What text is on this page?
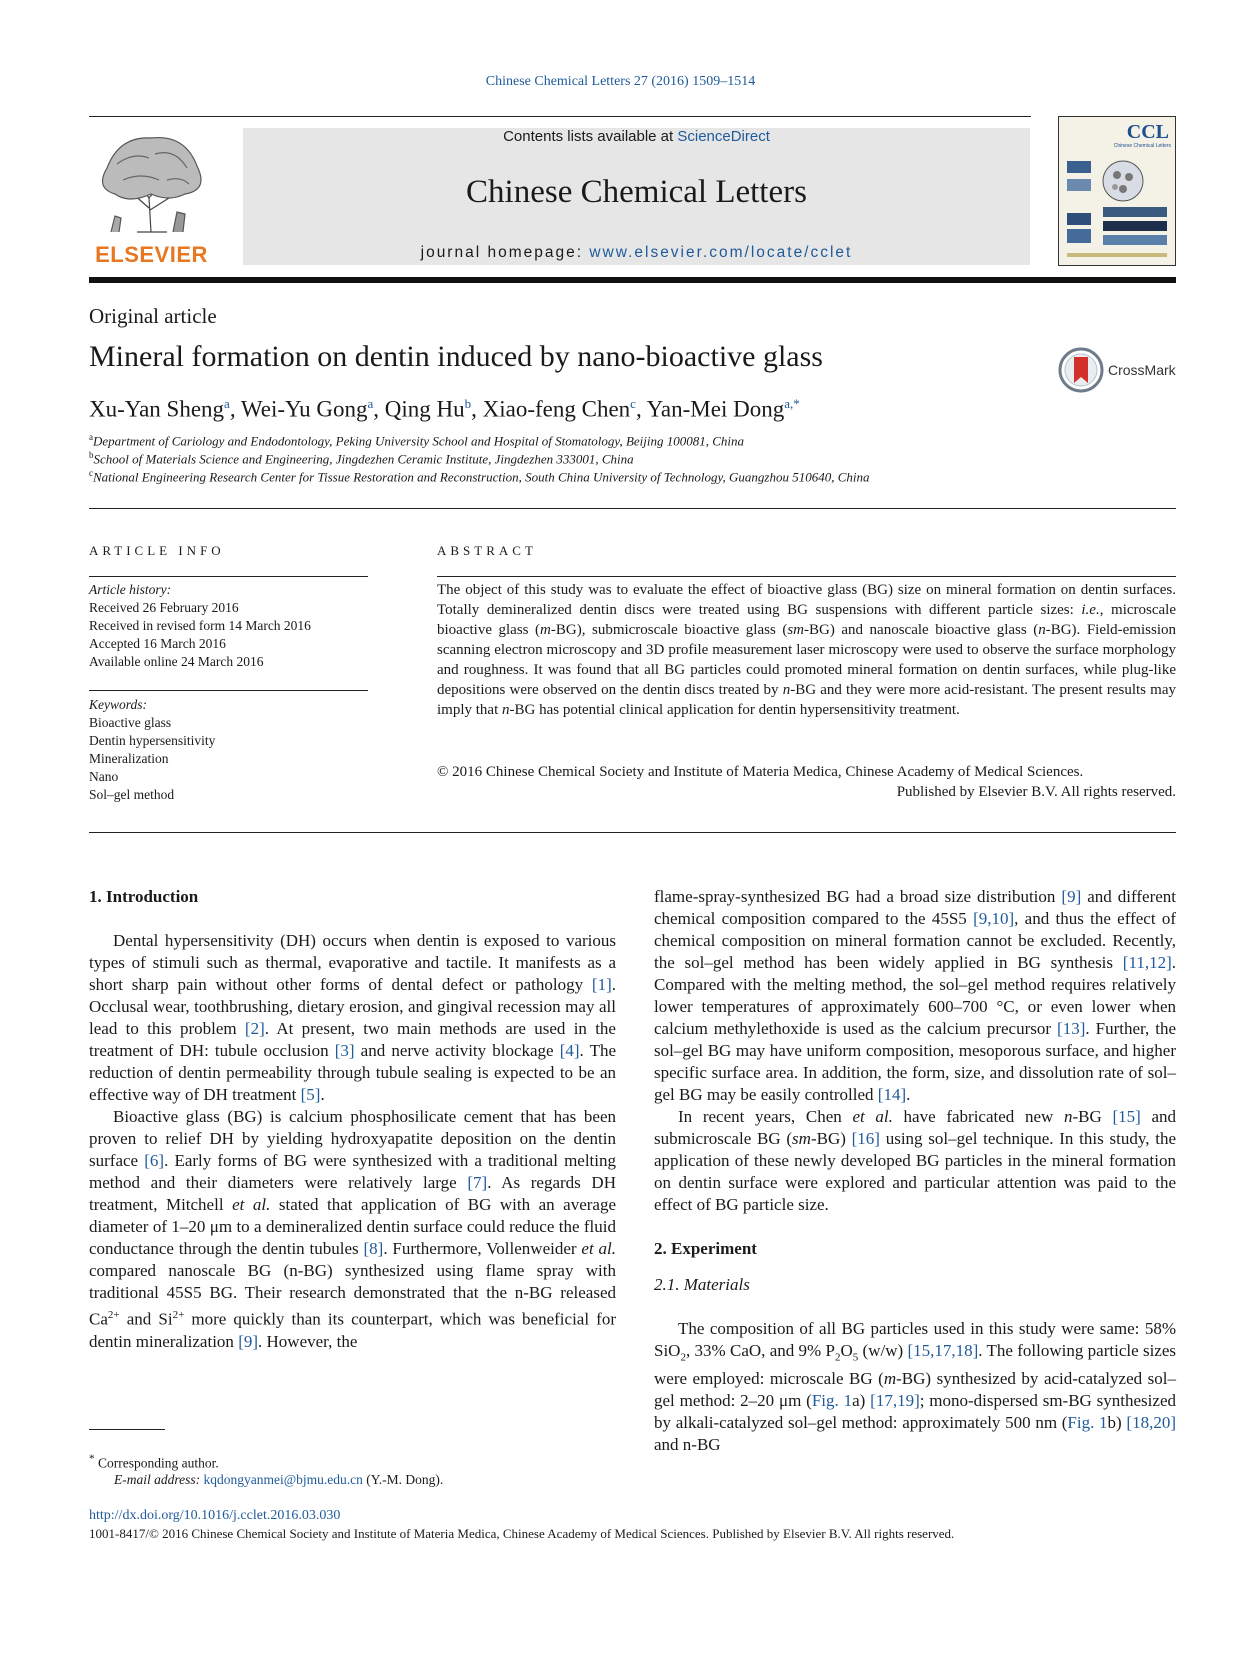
Chinese Chemical Letters 27 (2016) 1509–1514
ELSEVIER
Contents lists available at ScienceDirect
Chinese Chemical Letters
journal homepage: www.elsevier.com/locate/cclet
CCL
Chinese Chemical Letters
Original article
Mineral formation on dentin induced by nano-bioactive glass	CrossMark
Xu-Yan Sheng$^a$, Wei-Yu Gong$^a$, Qing Hu$^b$, Xiao-feng Chen$^c$, Yan-Mei Dong$^{a,*}$
$^a$Department of Cariology and Endodontology, Peking University School and Hospital of Stomatology, Beijing 100081, China
$^b$School of Materials Science and Engineering, Jingdezhen Ceramic Institute, Jingdezhen 333001, China
$^c$National Engineering Research Center for Tissue Restoration and Reconstruction, South China University of Technology, Guangzhou 510640, China
ARTICLE INFO
Article history:
Received 26 February 2016
Received in revised form 14 March 2016
Accepted 16 March 2016
Available online 24 March 2016
Keywords:
Bioactive glass
Dentin hypersensitivity
Mineralization
Nano
Sol–gel method
ABSTRACT
The object of this study was to evaluate the effect of bioactive glass (BG) size on mineral formation on dentin surfaces. Totally demineralized dentin discs were treated using BG suspensions with different particle sizes: i.e., microscale bioactive glass (m-BG), submicroscale bioactive glass (sm-BG) and nanoscale bioactive glass (n-BG). Field-emission scanning electron microscopy and 3D profile measurement laser microscopy were used to observe the surface morphology and roughness. It was found that all BG particles could promoted mineral formation on dentin surfaces, while plug-like depositions were observed on the dentin discs treated by n-BG and they were more acid-resistant. The present results may imply that n-BG has potential clinical application for dentin hypersensitivity treatment.
© 2016 Chinese Chemical Society and Institute of Materia Medica, Chinese Academy of Medical Sciences.
Published by Elsevier B.V. All rights reserved.
1. Introduction

Dental hypersensitivity (DH) occurs when dentin is exposed to various types of stimuli such as thermal, evaporative and tactile. It manifests as a short sharp pain without other forms of dental defect or pathology [1]. Occlusal wear, toothbrushing, dietary erosion, and gingival recession may all lead to this problem [2]. At present, two main methods are used in the treatment of DH: tubule occlusion [3] and nerve activity blockage [4]. The reduction of dentin permeability through tubule sealing is expected to be an effective way of DH treatment [5].

Bioactive glass (BG) is calcium phosphosilicate cement that has been proven to relief DH by yielding hydroxyapatite deposition on the dentin surface [6]. Early forms of BG were synthesized with a traditional melting method and their diameters were relatively large [7]. As regards DH treatment, Mitchell et al. stated that application of BG with an average diameter of 1–20 μm to a demineralized dentin surface could reduce the fluid conductance through the dentin tubules [8]. Furthermore, Vollenweider et al. compared nanoscale BG (n-BG) synthesized using flame spray with traditional 45S5 BG. Their research demonstrated that the n-BG released $Ca^{2+}$ and $Si^{2+}$ more quickly than its counterpart, which was beneficial for dentin mineralization [9]. However, the

flame-spray-synthesized BG had a broad size distribution [9] and different chemical composition compared to the 45S5 [9,10], and thus the effect of chemical composition on mineral formation cannot be excluded. Recently, the sol–gel method has been widely applied in BG synthesis [11,12]. Compared with the melting method, the sol–gel method requires relatively lower temperatures of approximately 600–700 °C, or even lower when calcium methylethoxide is used as the calcium precursor [13]. Further, the sol–gel BG may have uniform composition, mesoporous surface, and higher specific surface area. In addition, the form, size, and dissolution rate of sol–gel BG may be easily controlled [14].

In recent years, Chen et al. have fabricated new n-BG [15] and submicroscale BG (sm-BG) [16] using sol–gel technique. In this study, the application of these newly developed BG particles in the mineral formation on dentin surface were explored and particular attention was paid to the effect of BG particle size.

2. Experiment
2.1. Materials

The composition of all BG particles used in this study were same: 58% SiO$_2$, 33% CaO, and 9% $P_2O_5$ (w/w) [15,17,18]. The following particle sizes were employed: microscale BG (m-BG) synthesized by acid-catalyzed sol–gel method: 2–20 μm (Fig. 1a) [17,19]; mono-dispersed sm-BG synthesized by alkali-catalyzed sol–gel method: approximately 500 nm (Fig. 1b) [18,20] and n-BG

* Corresponding author.
E-mail address: kqdongyanmei@bjmu.edu.cn (Y.-M. Dong).
http://dx.doi.org/10.1016/j.cclet.2016.03.030
1001-8417/© 2016 Chinese Chemical Society and Institute of Materia Medica, Chinese Academy of Medical Sciences. Published by Elsevier B.V. All rights reserved.
